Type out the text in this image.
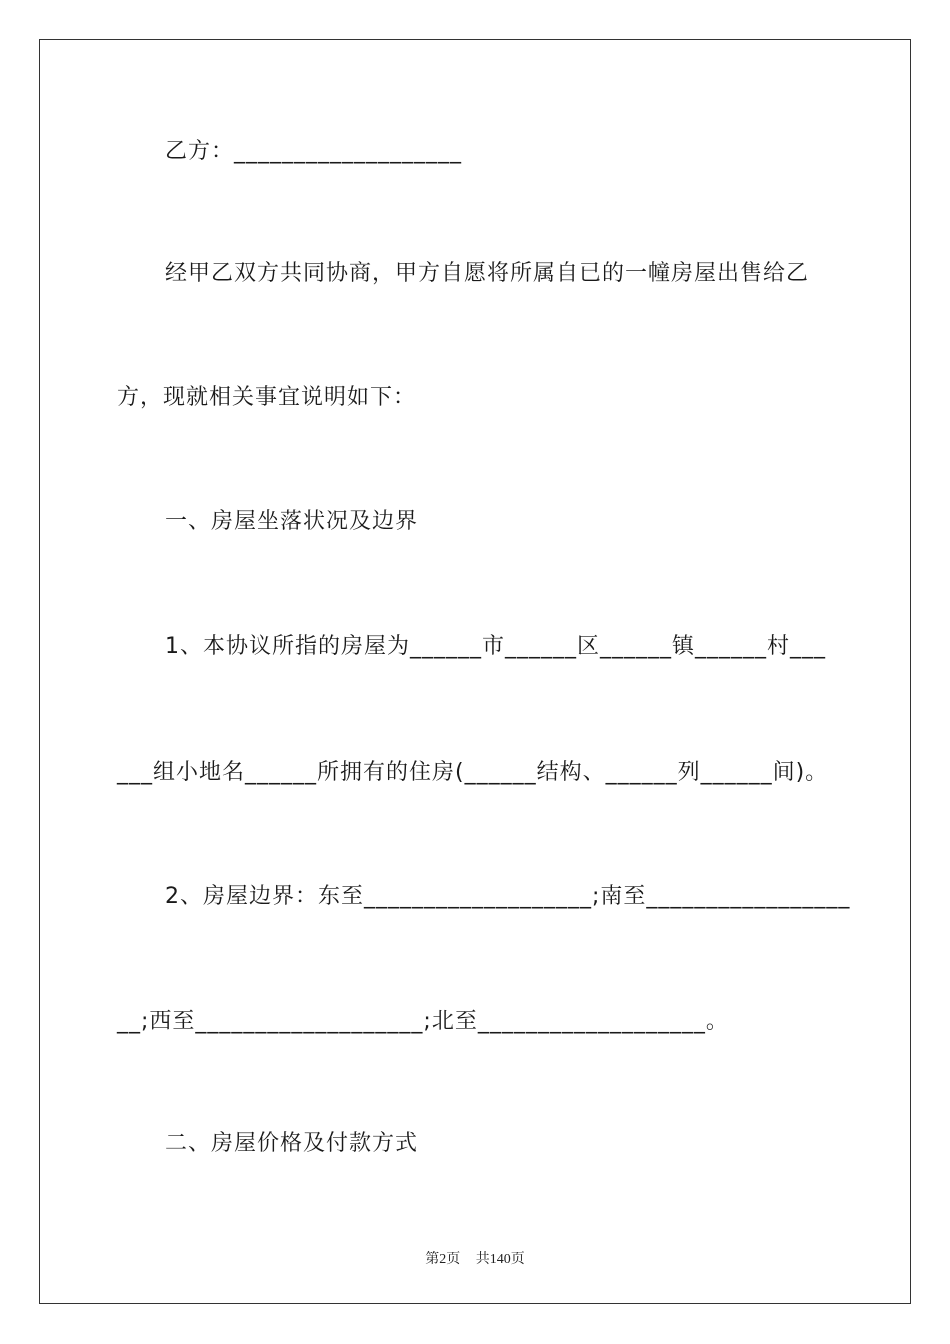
乙方：___________________
经甲乙双方共同协商，甲方自愿将所属自已的一幢房屋出售给乙
方，现就相关事宜说明如下：
一、房屋坐落状况及边界
1、本协议所指的房屋为______市______区______镇______村___
___组小地名______所拥有的住房(______结构、______列______间)。
2、房屋边界：东至___________________;南至_________________
__;西至___________________;北至___________________。
二、房屋价格及付款方式
第2页 共140页
